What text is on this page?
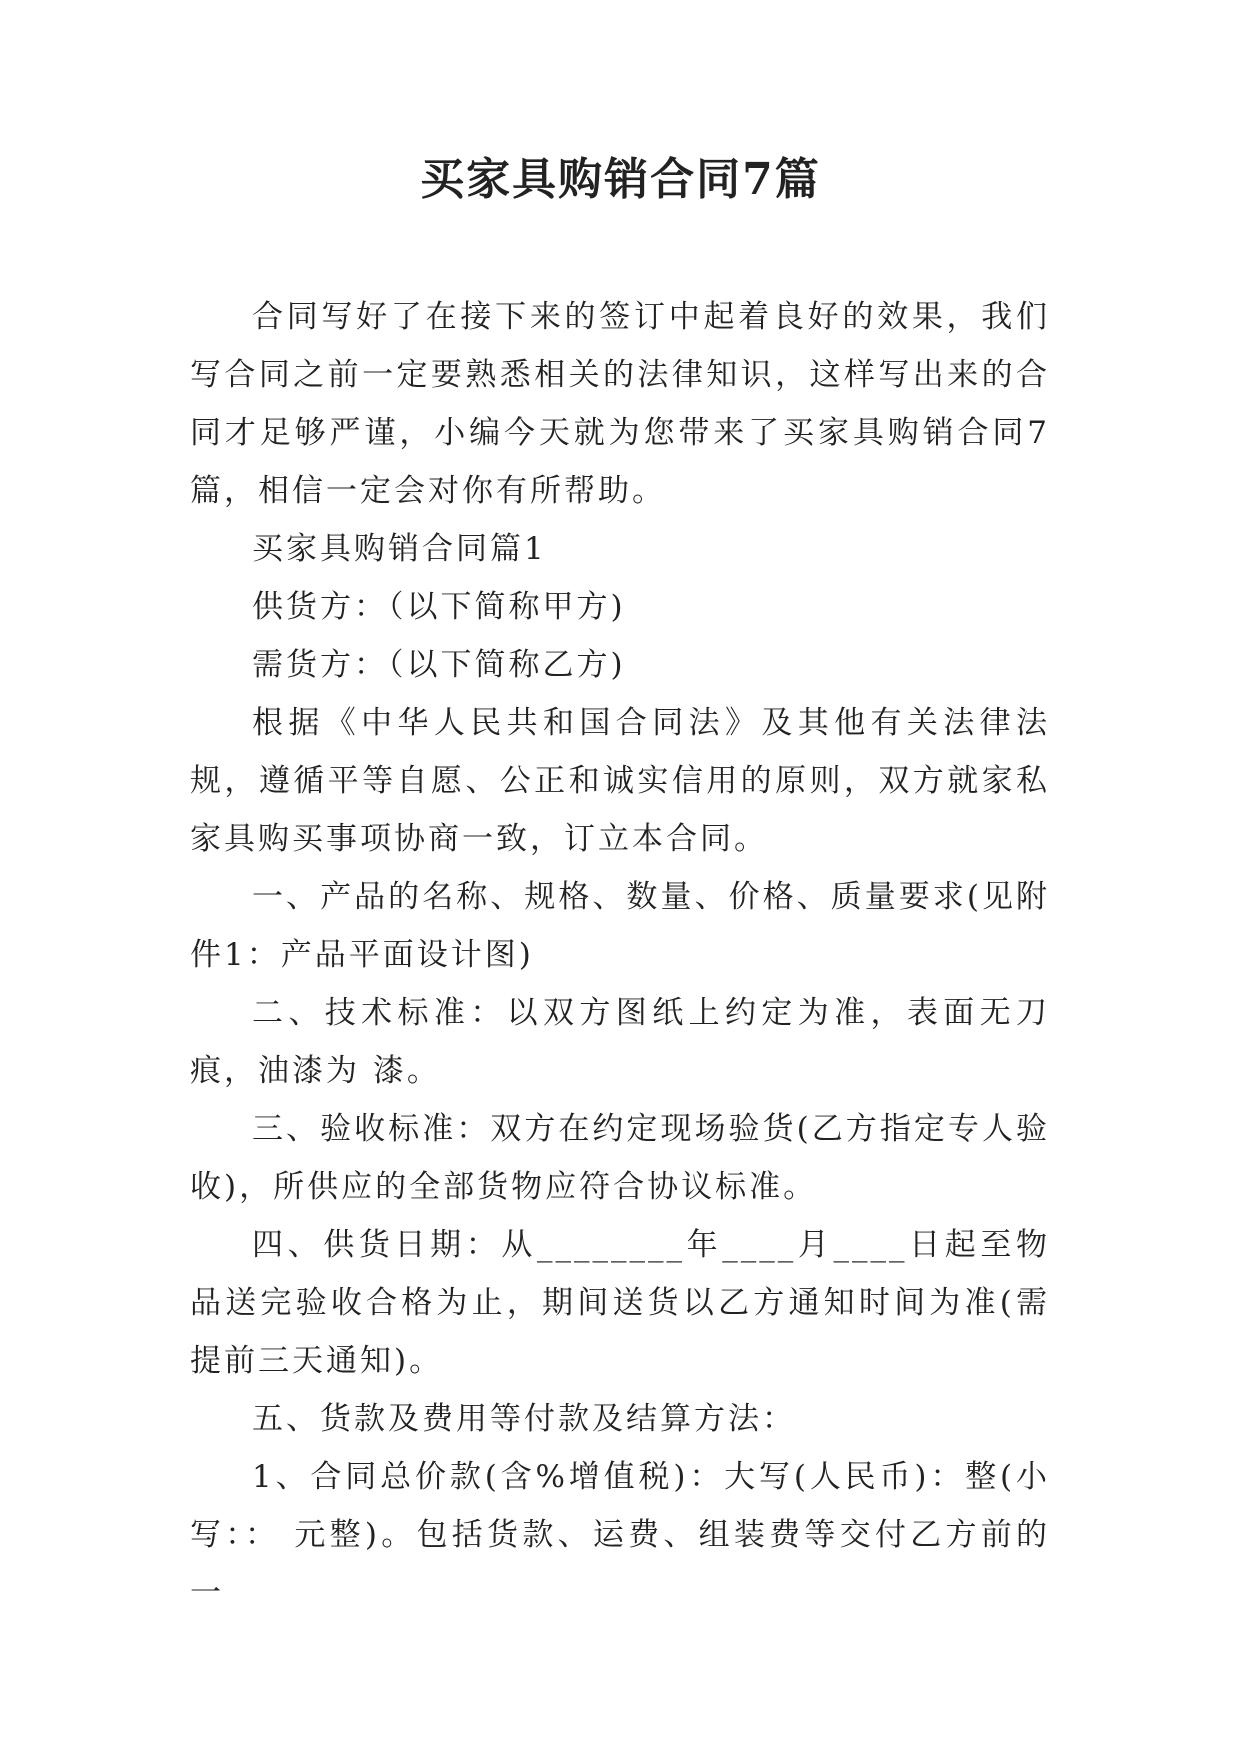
买家具购销合同7篇

合同写好了在接下来的签订中起着良好的效果，我们写合同之前一定要熟悉相关的法律知识，这样写出来的合同才足够严谨，小编今天就为您带来了买家具购销合同7篇，相信一定会对你有所帮助。

买家具购销合同篇1

供货方：（以下简称甲方)

需货方：（以下简称乙方)

根据《中华人民共和国合同法》及其他有关法律法规，遵循平等自愿、公正和诚实信用的原则，双方就家私家具购买事项协商一致，订立本合同。

一、产品的名称、规格、数量、价格、质量要求(见附件1：产品平面设计图)

二、技术标准：以双方图纸上约定为准，表面无刀痕，油漆为 漆。

三、验收标准：双方在约定现场验货(乙方指定专人验收)，所供应的全部货物应符合协议标准。

四、供货日期：从________年____月____日起至物品送完验收合格为止，期间送货以乙方通知时间为准(需提前三天通知)。

五、货款及费用等付款及结算方法：

1、合同总价款(含%增值税)：大写(人民币)：整(小写：： 元整)。包括货款、运费、组装费等交付乙方前的一
